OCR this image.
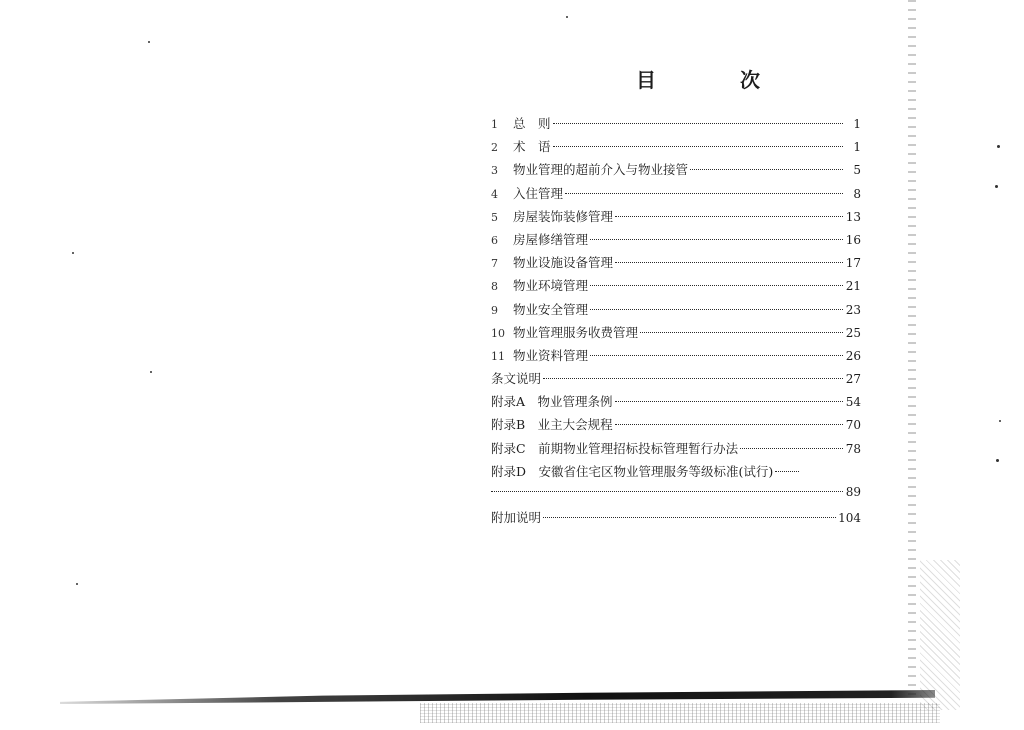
目　次
1	总　则	1
2	术　语	1
3	物业管理的超前介入与物业接管	5
4	入住管理	8
5	房屋装饰装修管理	13
6	房屋修缮管理	16
7	物业设施设备管理	17
8	物业环境管理	21
9	物业安全管理	23
10 物业管理服务收费管理	25
11 物业资料管理	26
条文说明	27
附录A　物业管理条例	54
附录B　业主大会规程	70
附录C　前期物业管理招标投标管理暂行办法	78
附录D　安徽省住宅区物业管理服务等级标准(试行)
89
附加说明	104
